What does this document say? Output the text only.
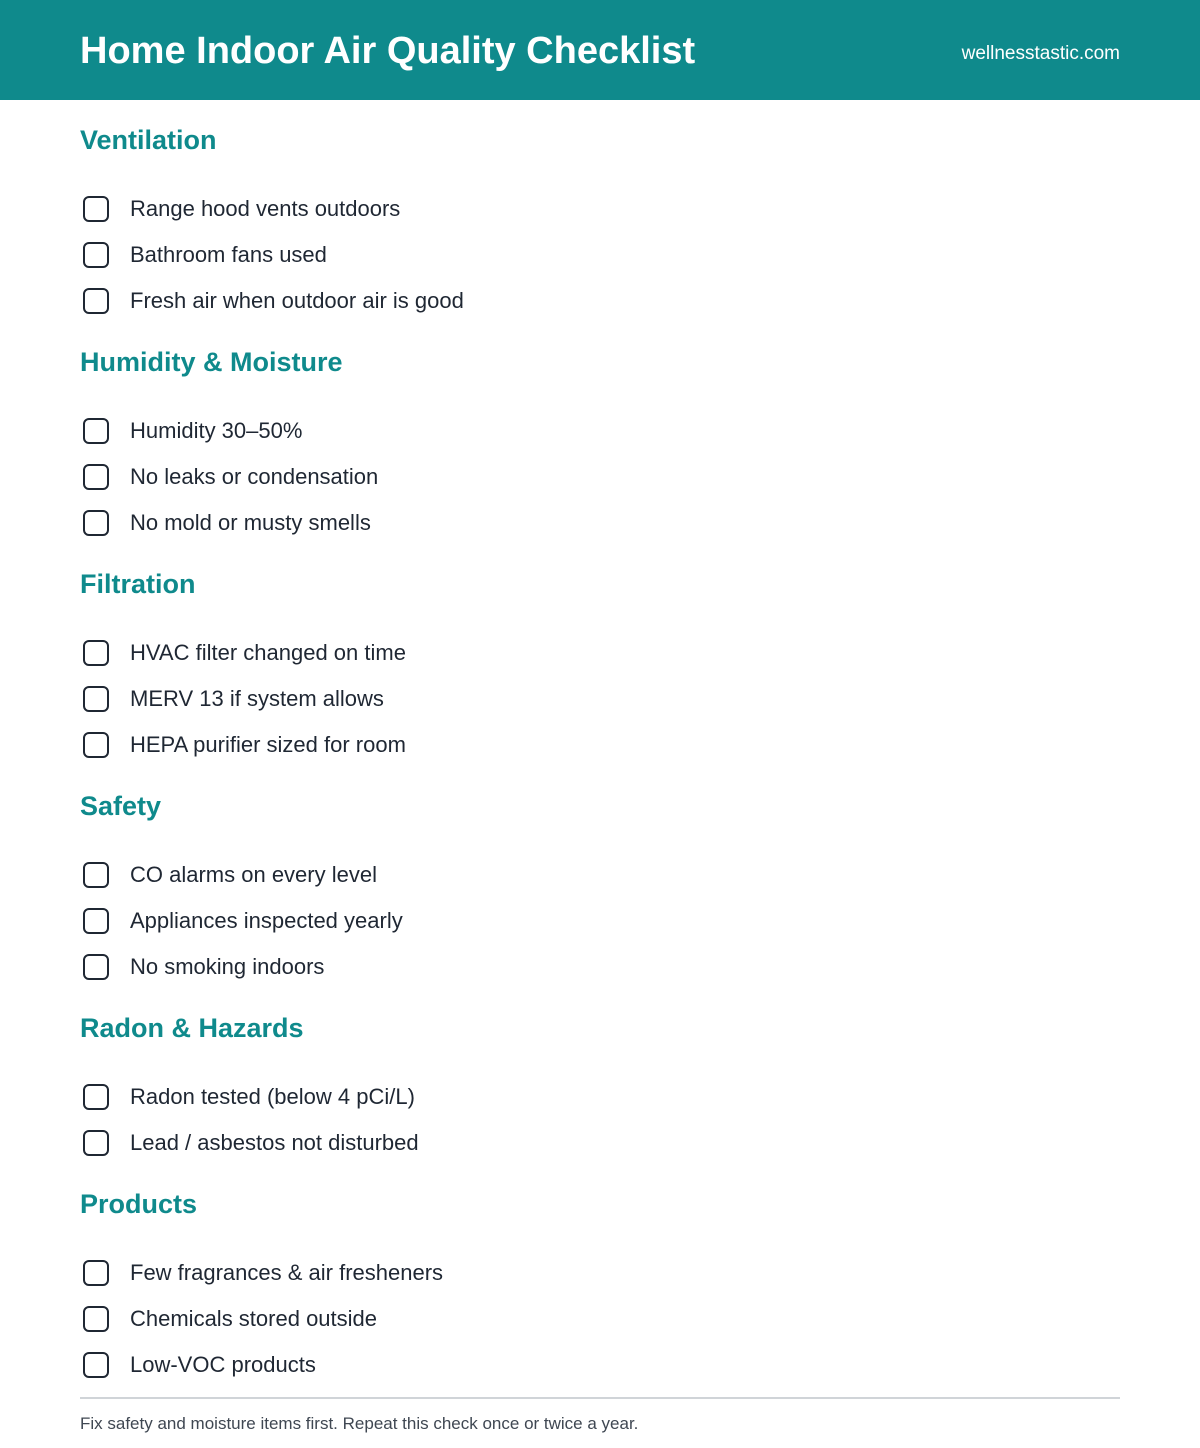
Home Indoor Air Quality Checklist	wellnesstastic.com
Ventilation
Range hood vents outdoors
Bathroom fans used
Fresh air when outdoor air is good
Humidity & Moisture
Humidity 30–50%
No leaks or condensation
No mold or musty smells
Filtration
HVAC filter changed on time
MERV 13 if system allows
HEPA purifier sized for room
Safety
CO alarms on every level
Appliances inspected yearly
No smoking indoors
Radon & Hazards
Radon tested (below 4 pCi/L)
Lead / asbestos not disturbed
Products
Few fragrances & air fresheners
Chemicals stored outside
Low-VOC products
Fix safety and moisture items first. Repeat this check once or twice a year.
